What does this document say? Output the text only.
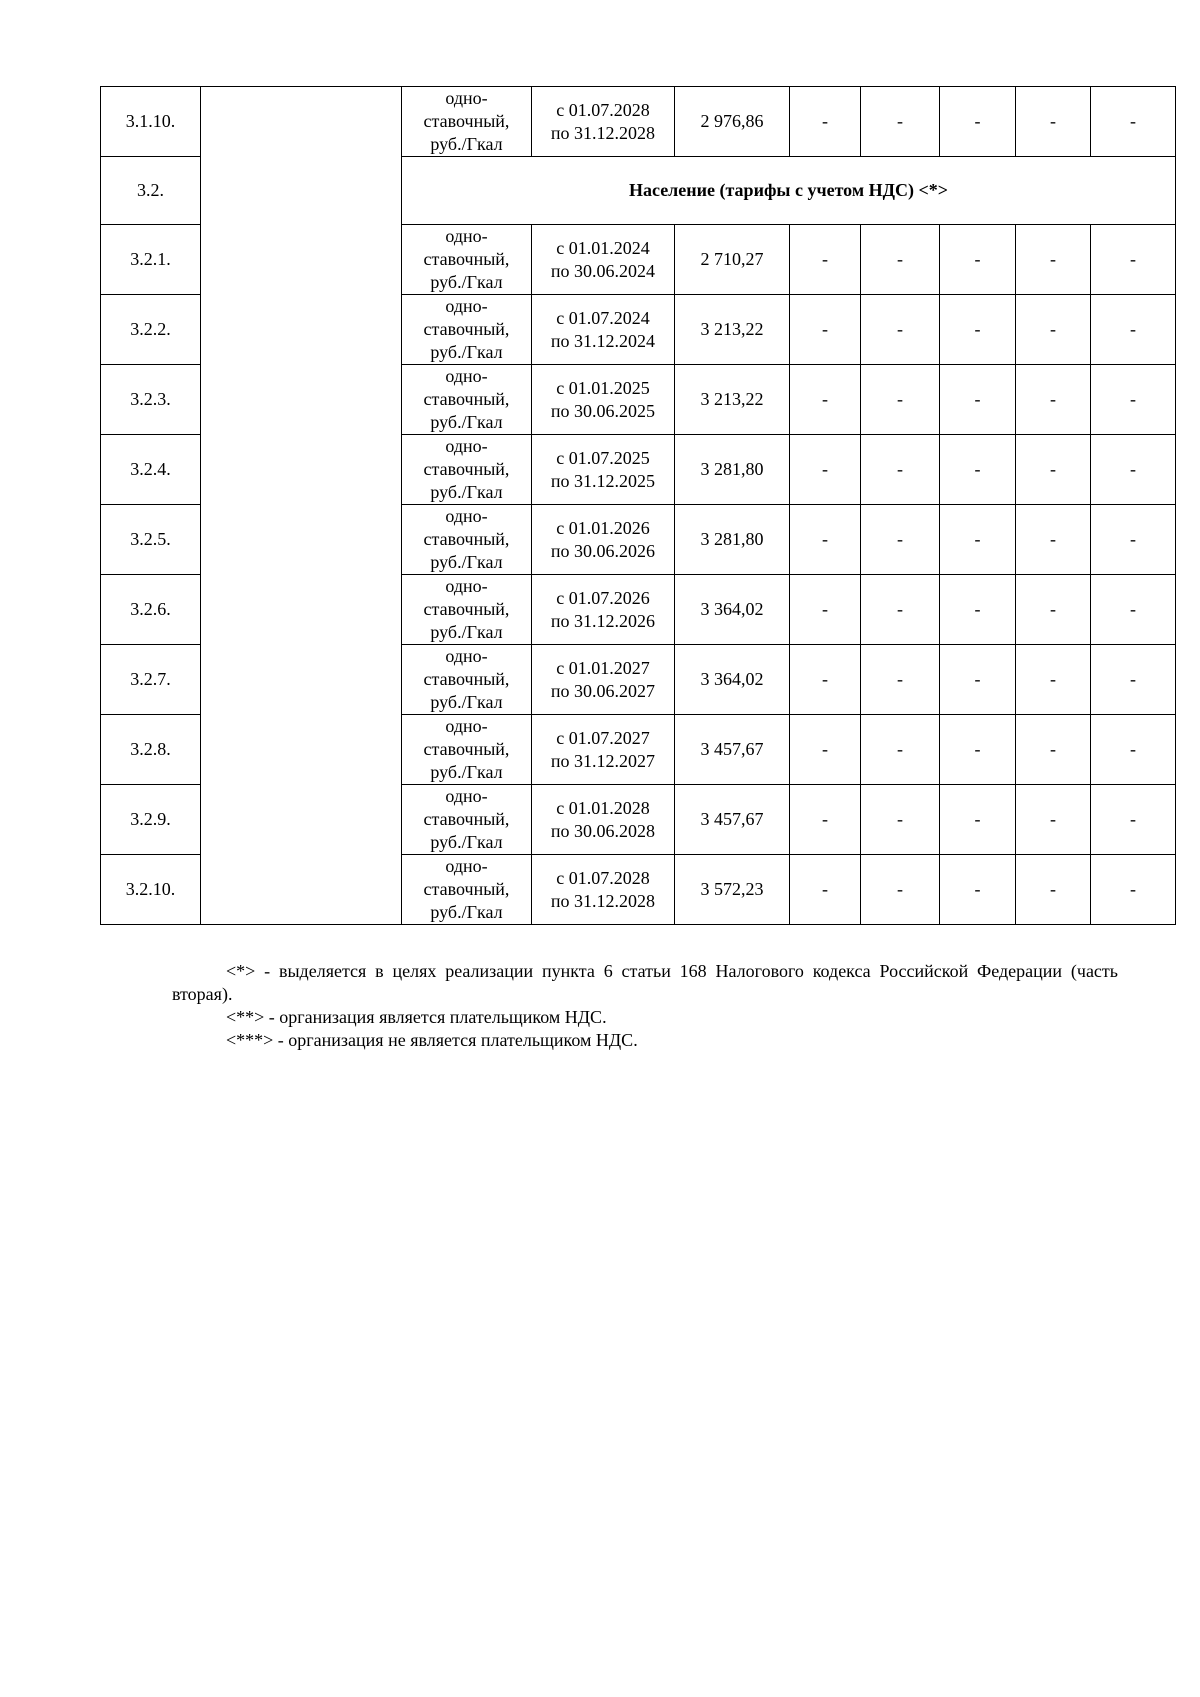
3.1.10.		одно-
ставочный,
руб./Гкал	с 01.07.2028
по 31.12.2028	2 976,86	-	-	-	-	-
3.2.		Население (тарифы с учетом НДС) <*>							
3.2.1.		одно-
ставочный,
руб./Гкал	с 01.01.2024
по 30.06.2024	2 710,27	-	-	-	-	-
3.2.2.		одно-
ставочный,
руб./Гкал	с 01.07.2024
по 31.12.2024	3 213,22	-	-	-	-	-
3.2.3.		одно-
ставочный,
руб./Гкал	с 01.01.2025
по 30.06.2025	3 213,22	-	-	-	-	-
3.2.4.		одно-
ставочный,
руб./Гкал	с 01.07.2025
по 31.12.2025	3 281,80	-	-	-	-	-
3.2.5.		одно-
ставочный,
руб./Гкал	с 01.01.2026
по 30.06.2026	3 281,80	-	-	-	-	-
3.2.6.		одно-
ставочный,
руб./Гкал	с 01.07.2026
по 31.12.2026	3 364,02	-	-	-	-	-
3.2.7.		одно-
ставочный,
руб./Гкал	с 01.01.2027
по 30.06.2027	3 364,02	-	-	-	-	-
3.2.8.		одно-
ставочный,
руб./Гкал	с 01.07.2027
по 31.12.2027	3 457,67	-	-	-	-	-
3.2.9.		одно-
ставочный,
руб./Гкал	с 01.01.2028
по 30.06.2028	3 457,67	-	-	-	-	-
3.2.10.		одно-
ставочный,
руб./Гкал	с 01.07.2028
по 31.12.2028	3 572,23	-	-	-	-	-

<*> - выделяется в целях реализации пункта 6 статьи 168 Налогового кодекса Российской Федерации (часть вторая).

<**> - организация является плательщиком НДС.

<***> - организация не является плательщиком НДС.
